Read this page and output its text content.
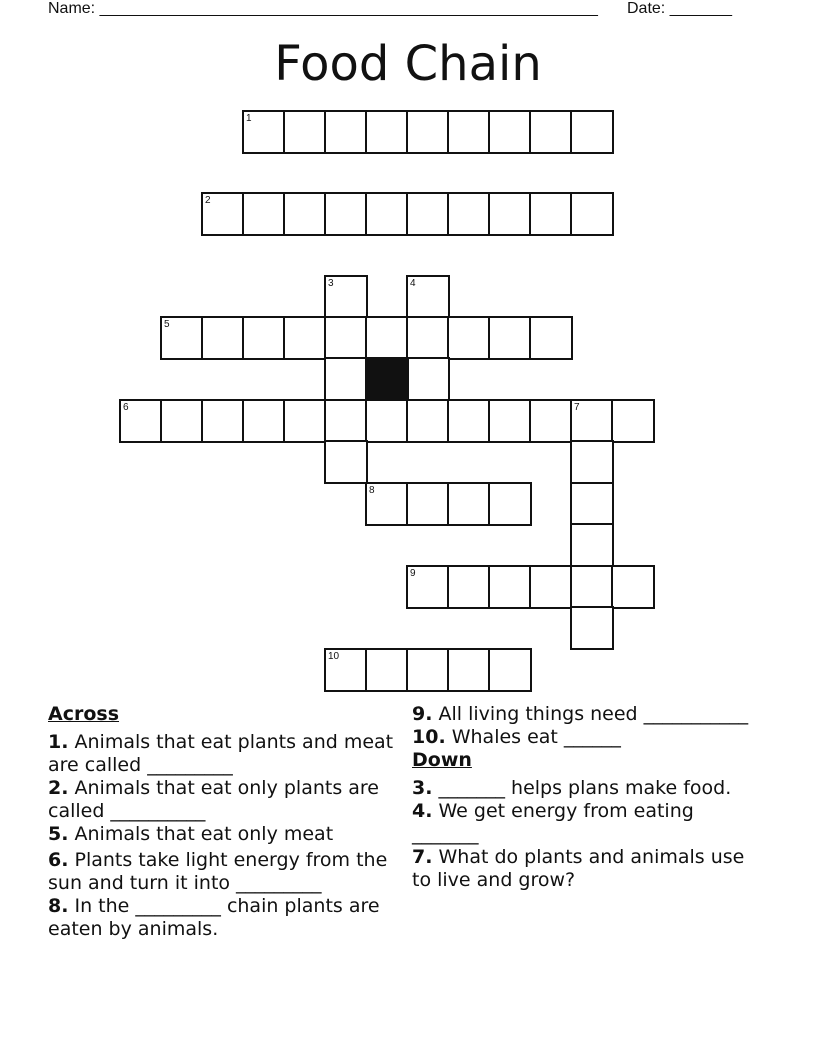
Name: ________________________________________________________ Date: _______
Food Chain
1
2
3	4
5
6	7
8
9
10
Across
1. Animals that eat plants and meat are called _________
2. Animals that eat only plants are called __________
5. Animals that eat only meat
6. Plants take light energy from the sun and turn it into _________
8. In the _________ chain plants are eaten by animals.
9. All living things need ___________
10. Whales eat ______
Down
3. _______ helps plans make food.
4. We get energy from eating _______
7. What do plants and animals use to live and grow?
